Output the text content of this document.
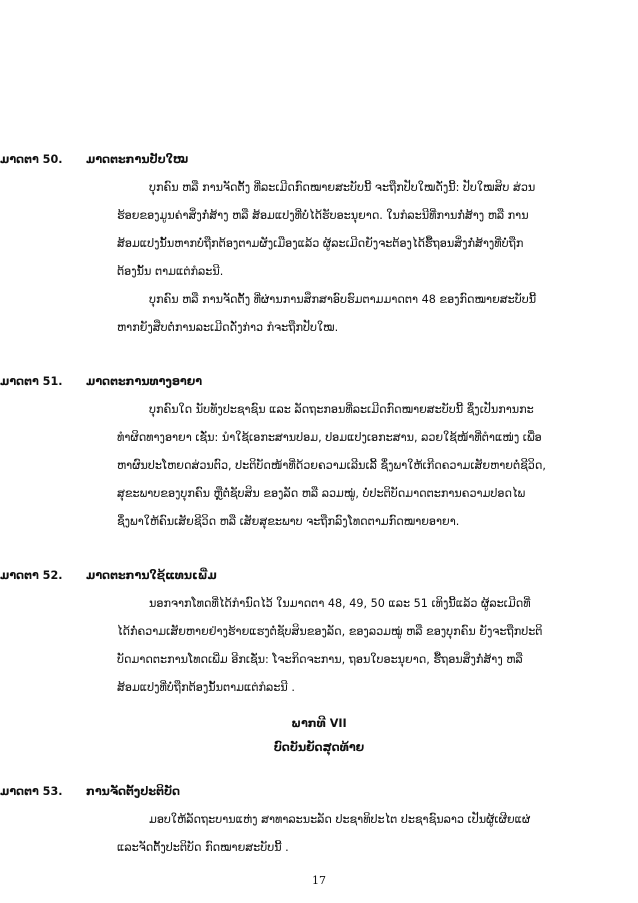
ມາດຕາ 50. ມາດຕະການປັບໃໝ
ບຸກຄົນ ຫລື ການຈັດຕັ້ງ ທີ່ລະເມີດກົດໝາຍສະບັບນີ້ ຈະຖືກປັບໃໝດັ່ງນີ້: ປັບໃໝສິບ ສ່ວນ
ຮ້ອຍຂອງມູນຄ່າສິ່ງກໍ່ສ້າງ ຫລື ສ້ອມແປງທີ່ບໍ່ໄດ້ຮັບອະນຸຍາດ. ໃນກໍລະນີທີ່ການກໍ່ສ້າງ ຫລື ການ
ສ້ອມແປງນັ້ນຫາກບໍ່ຖືກຕ້ອງຕາມຜັງເມືອງແລ້ວ ຜູ້ລະເມີດຍັງຈະຕ້ອງໄດ້ຮື້ຖອນສິ່ງກໍ່ສ້າງທີ່ບໍ່ຖືກ
ຕ້ອງນັ້ນ ຕາມແຕ່ກໍລະນີ.
ບຸກຄົນ ຫລື ການຈັດຕັ້ງ ທີ່ຜ່ານການສຶກສາອົບຮົມຕາມມາດຕາ 48 ຂອງກົດໝາຍສະບັບນີ້
ຫາກຍັງສືບຕໍ່ການລະເມີດດັ່ງກ່າວ ກໍຈະຖືກປັບໃໝ.
ມາດຕາ 51. ມາດຕະການທາງອາຍາ
ບຸກຄົນໃດ ນັບທັງປະຊາຊົນ ແລະ ລັດຖະກອນທີ່ລະເມີດກົດໝາຍສະບັບນີ້ ຊຶ່ງເປັນການກະ
ທຳຜິດທາງອາຍາ ເຊັ່ນ: ນຳໃຊ້ເອກະສານປອມ, ປອມແປງເອກະສານ, ລວຍໃຊ້ໜ້າທີ່ຕຳແໜ່ງ ເພື່ອ
ຫາຜົນປະໂຫຍດສ່ວນຕົວ, ປະຕິບັດໜ້າທີ່ດ້ວຍຄວາມເລີນເລີ້ ຊຶ່ງພາໃຫ້ເກີດຄວາມເສັຍຫາຍຕໍ່ຊີວິດ,
ສຸຂະພາບຂອງບຸກຄົນ ຫຼືຕໍ່ຊັບສິນ ຂອງລັດ ຫລື ລວມໝູ່, ບໍ່ປະຕິບັດມາດຕະການຄວາມປອດໄພ
ຊຶ່ງພາໃຫ້ຄົນເສັຍຊີວິດ ຫລື ເສັຍສຸຂະພາບ ຈະຖືກລົງໂທດຕາມກົດໝາຍອາຍາ.
ມາດຕາ 52. ມາດຕະການໃຊ້ແທນເພີ່ມ
ນອກຈາກໂທດທີ່ໄດ້ກຳນົດໄວ້ ໃນມາດຕາ 48, 49, 50 ແລະ 51 ເທິງນີ້ແລ້ວ ຜູ້ລະເມີດທີ່
ໄດ້ກໍ່ຄວາມເສັຍຫາຍຢ່າງຮ້າຍແຮງຕໍ່ຊັບສິນຂອງລັດ, ຂອງລວມໝູ່ ຫລື ຂອງບຸກຄົນ ຍັງຈະຖືກປະຕິ
ບັດມາດຕະການໂທດເພີ່ມ ອີກເຊັ່ນ: ໂຈະກິດຈະການ, ຖອນໃບອະນຸຍາດ, ຮື້ຖອນສິ່ງກໍ່ສ້າງ ຫລື
ສ້ອມແປງທີ່ບໍ່ຖືກຕ້ອງນັ້ນຕາມແຕ່ກໍລະນີ .
ພາກທີ VII
ບົດບັນຍັດສຸດທ້າຍ
ມາດຕາ 53. ການຈັດຕັ້ງປະຕິບັດ
ມອບໃຫ້ລັດຖະບານແຫ່ງ ສາທາລະນະລັດ ປະຊາທິປະໄຕ ປະຊາຊົນລາວ ເປັນຜູ້ເຜີຍແຜ່
ແລະຈັດຕັ້ງປະຕິບັດ ກົດໝາຍສະບັບນີ້ .
17
